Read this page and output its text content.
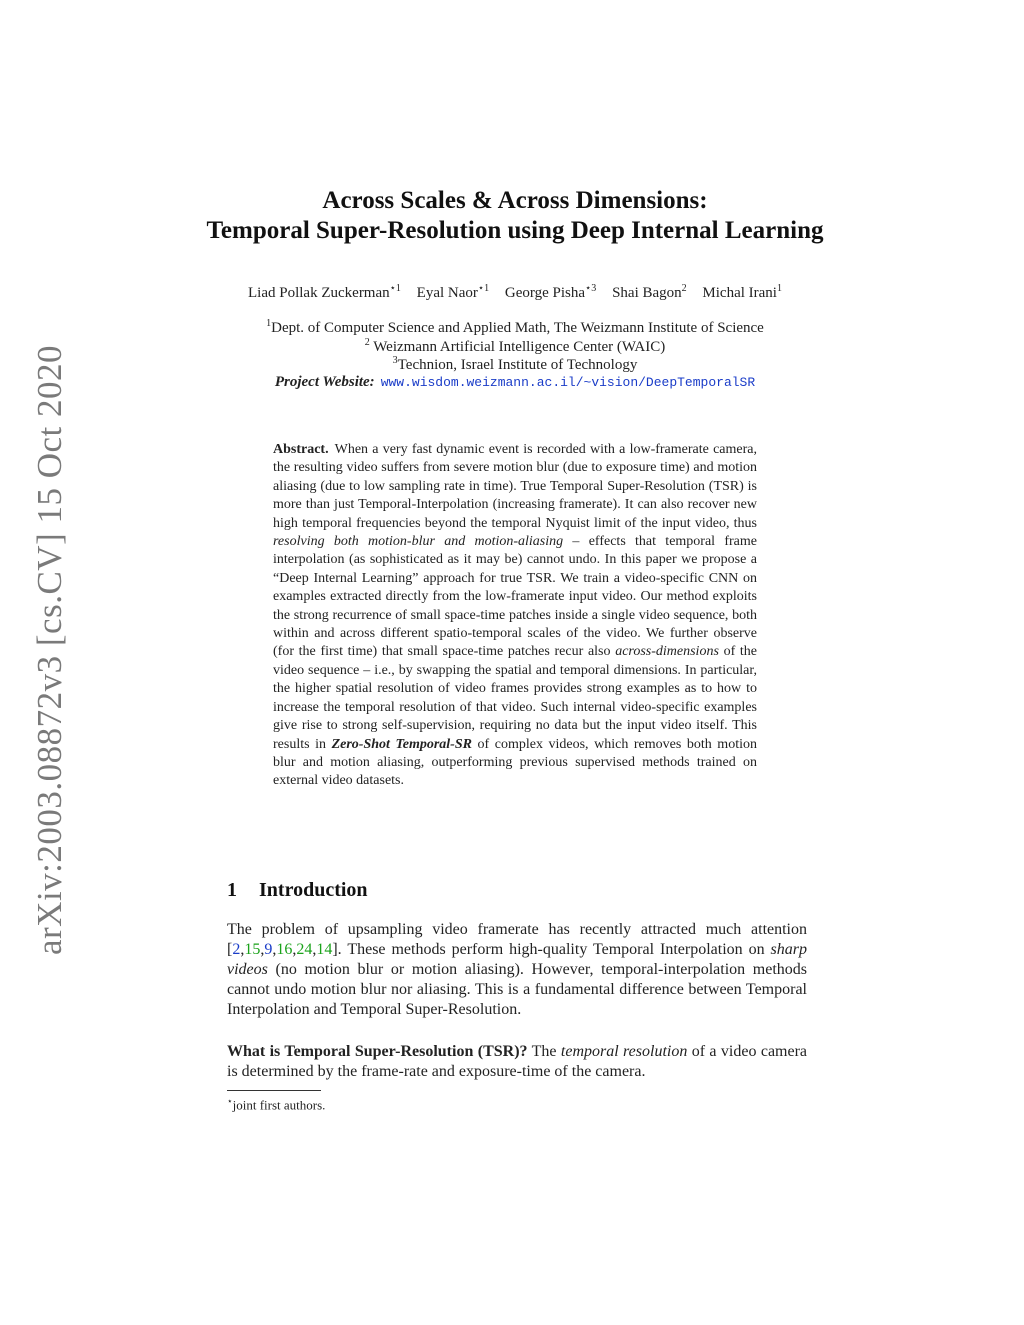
arXiv:2003.08872v3 [cs.CV] 15 Oct 2020
Across Scales & Across Dimensions:
Temporal Super-Resolution using Deep Internal Learning
Liad Pollak Zuckerman$^{⋆1}$ Eyal Naor$^{⋆1}$ George Pisha$^{⋆3}$ Shai Bagon$^2$ Michal Irani$^1$
$^1$Dept. of Computer Science and Applied Math, The Weizmann Institute of Science
$^2$ Weizmann Artificial Intelligence Center (WAIC)
$^3$Technion, Israel Institute of Technology
Project Website: www.wisdom.weizmann.ac.il/~vision/DeepTemporalSR
Abstract. When a very fast dynamic event is recorded with a low-framerate camera, the resulting video suffers from severe motion blur (due to exposure time) and motion aliasing (due to low sampling rate in time). True Temporal Super-Resolution (TSR) is more than just Temporal-Interpolation (increasing framerate). It can also recover new high temporal frequencies beyond the temporal Nyquist limit of the input video, thus resolving both motion-blur and motion-aliasing – effects that temporal frame interpolation (as sophisticated as it may be) cannot undo. In this paper we propose a “Deep Internal Learning” approach for true TSR. We train a video-specific CNN on examples extracted directly from the low-framerate input video. Our method exploits the strong recurrence of small space-time patches inside a single video sequence, both within and across different spatio-temporal scales of the video. We further observe (for the first time) that small space-time patches recur also across-dimensions of the video sequence – i.e., by swapping the spatial and temporal dimensions. In particular, the higher spatial resolution of video frames provides strong examples as to how to increase the temporal resolution of that video. Such internal video-specific examples give rise to strong self-supervision, requiring no data but the input video itself. This results in Zero-Shot Temporal-SR of complex videos, which removes both motion blur and motion aliasing, outperforming previous supervised methods trained on external video datasets.
1 Introduction
The problem of upsampling video framerate has recently attracted much attention [2,15,9,16,24,14]. These methods perform high-quality Temporal Interpolation on sharp videos (no motion blur or motion aliasing). However, temporal-interpolation methods cannot undo motion blur nor aliasing. This is a fundamental difference between Temporal Interpolation and Temporal Super-Resolution.
What is Temporal Super-Resolution (TSR)? The temporal resolution of a video camera is determined by the frame-rate and exposure-time of the camera.
⋆joint first authors.
